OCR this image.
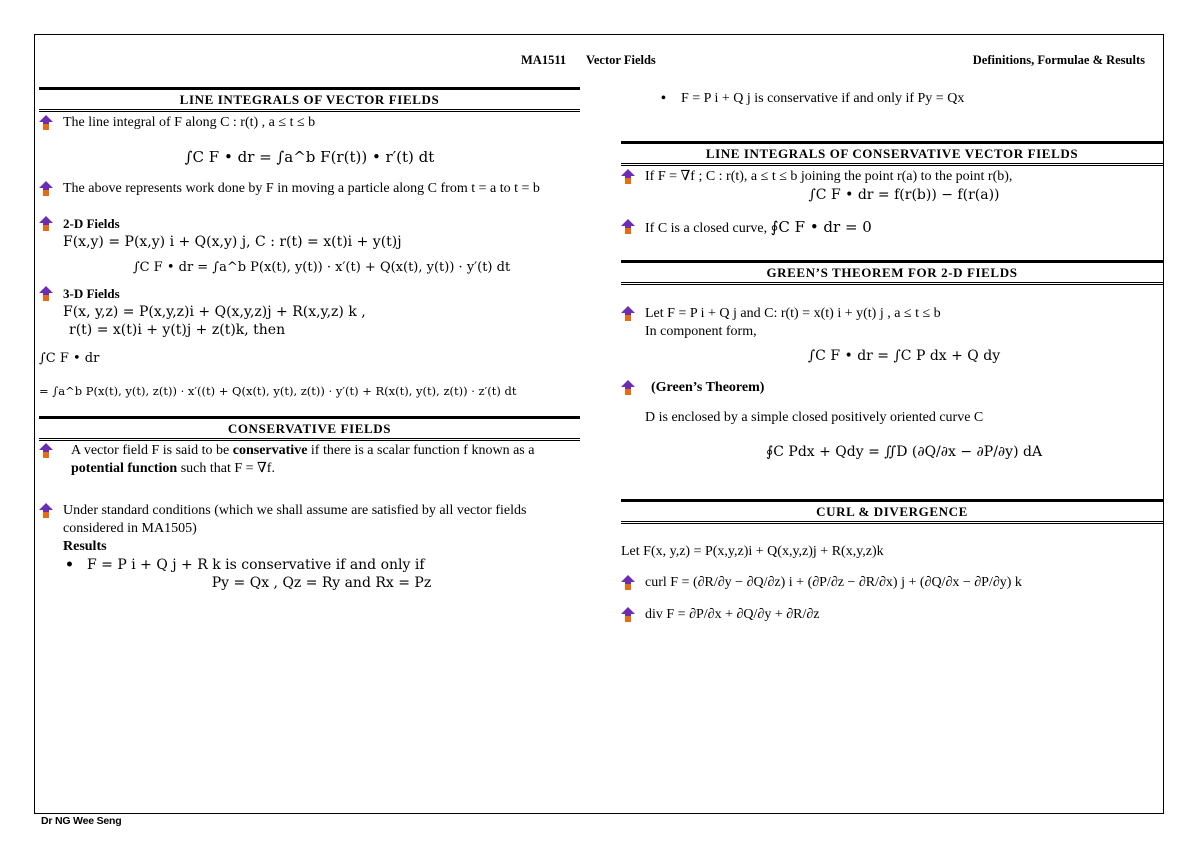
MA1511 Vector Fields	Definitions, Formulae & Results
LINE INTEGRALS OF VECTOR FIELDS
The line integral of F along C : r(t) , a ≤ t ≤ b
∫C F • dr = ∫a^b F(r(t)) • r′(t) dt
The above represents work done by F in moving a particle along C from t = a to t = b
2-D Fields
F(x,y) = P(x,y) i + Q(x,y) j, C : r(t) = x(t)i + y(t)j
∫C F • dr = ∫a^b P(x(t), y(t)) · x′(t) + Q(x(t), y(t)) · y′(t) dt
3-D Fields
F(x, y,z) = P(x,y,z)i + Q(x,y,z)j + R(x,y,z) k ,
r(t) = x(t)i + y(t)j + z(t)k, then
∫C F • dr
= ∫a^b P(x(t), y(t), z(t)) · x′((t) + Q(x(t), y(t), z(t)) · y′(t) + R(x(t), y(t), z(t)) · z′(t) dt
CONSERVATIVE FIELDS
A vector field F is said to be conservative if there is a scalar function f known as a potential function such that F = ∇f.
Under standard conditions (which we shall assume are satisfied by all vector fields considered in MA1505)
Results
• F = P i + Q j + R k is conservative if and only if
Py = Qx , Qz = Ry and Rx = Pz
Dr NG Wee Seng
• F = P i + Q j is conservative if and only if Py = Qx
LINE INTEGRALS OF CONSERVATIVE VECTOR FIELDS
If F = ∇f ; C : r(t), a ≤ t ≤ b joining the point r(a) to the point r(b),
∫C F • dr = f(r(b)) − f(r(a))
If C is a closed curve, ∮C F • dr = 0
GREEN’S THEOREM FOR 2-D FIELDS
Let F = P i + Q j and C: r(t) = x(t) i + y(t) j , a ≤ t ≤ b
In component form,
∫C F • dr = ∫C P dx + Q dy
(Green’s Theorem)
D is enclosed by a simple closed positively oriented curve C
∮C Pdx + Qdy = ∬D (∂Q/∂x − ∂P/∂y) dA
CURL & DIVERGENCE
Let F(x, y,z) = P(x,y,z)i + Q(x,y,z)j + R(x,y,z)k
curl F = (∂R/∂y − ∂Q/∂z) i + (∂P/∂z − ∂R/∂x) j + (∂Q/∂x − ∂P/∂y) k
div F = ∂P/∂x + ∂Q/∂y + ∂R/∂z
